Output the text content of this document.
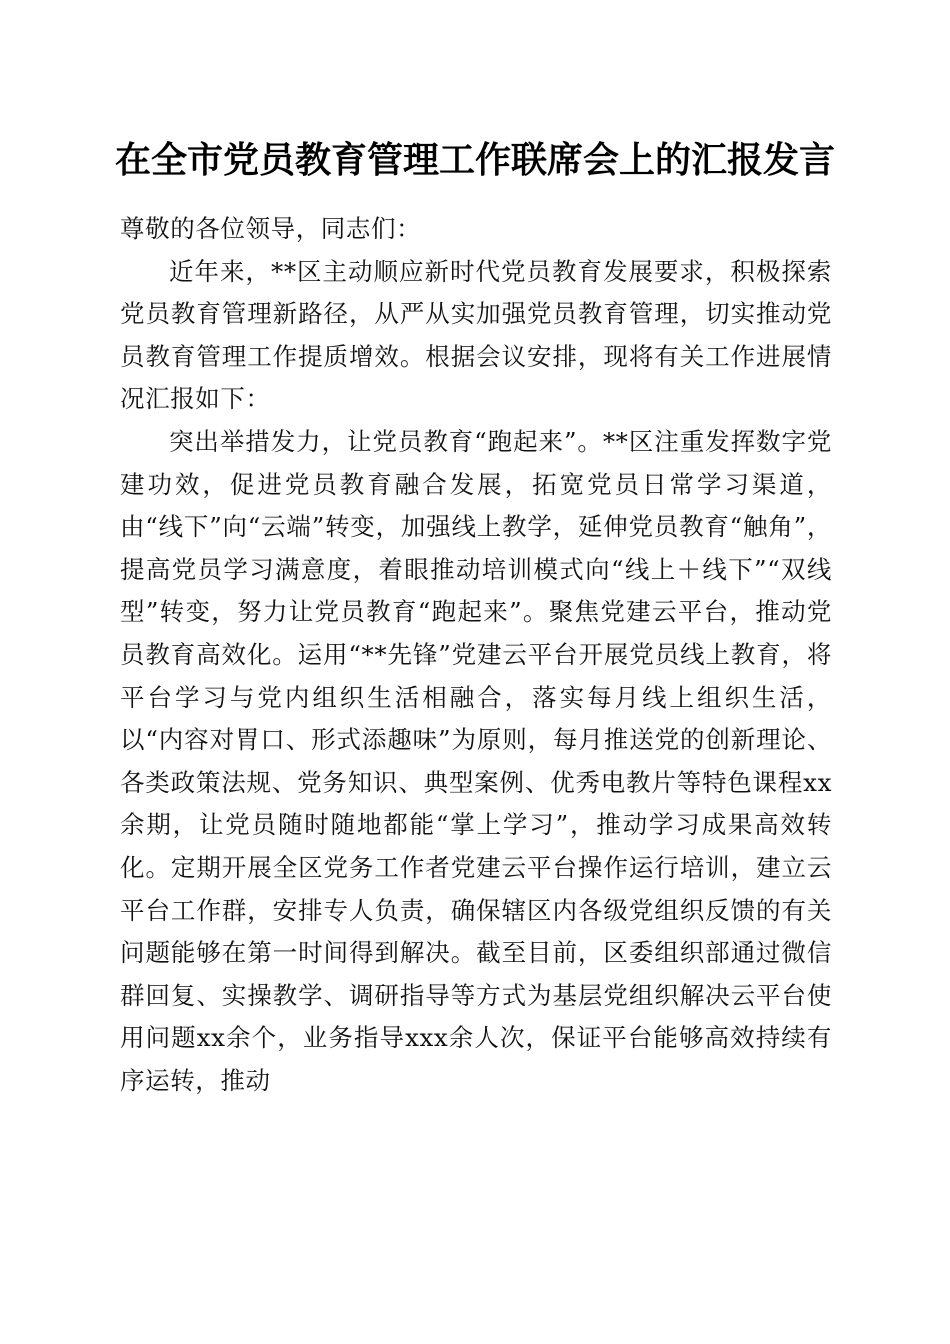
在全市党员教育管理工作联席会上的汇报发言

尊敬的各位领导，同志们：

近年来，**区主动顺应新时代党员教育发展要求，积极探索党员教育管理新路径，从严从实加强党员教育管理，切实推动党员教育管理工作提质增效。根据会议安排，现将有关工作进展情况汇报如下：

突出举措发力，让党员教育“跑起来”。**区注重发挥数字党建功效，促进党员教育融合发展，拓宽党员日常学习渠道，由“线下”向“云端”转变，加强线上教学，延伸党员教育“触角”，提高党员学习满意度，着眼推动培训模式向“线上＋线下”“双线型”转变，努力让党员教育“跑起来”。聚焦党建云平台，推动党员教育高效化。运用“**先锋”党建云平台开展党员线上教育，将平台学习与党内组织生活相融合，落实每月线上组织生活，以“内容对胃口、形式添趣味”为原则，每月推送党的创新理论、各类政策法规、党务知识、典型案例、优秀电教片等特色课程xx余期，让党员随时随地都能“掌上学习”，推动学习成果高效转化。定期开展全区党务工作者党建云平台操作运行培训，建立云平台工作群，安排专人负责，确保辖区内各级党组织反馈的有关问题能够在第一时间得到解决。截至目前，区委组织部通过微信群回复、实操教学、调研指导等方式为基层党组织解决云平台使用问题xx余个，业务指导xxx余人次，保证平台能够高效持续有序运转，推动
